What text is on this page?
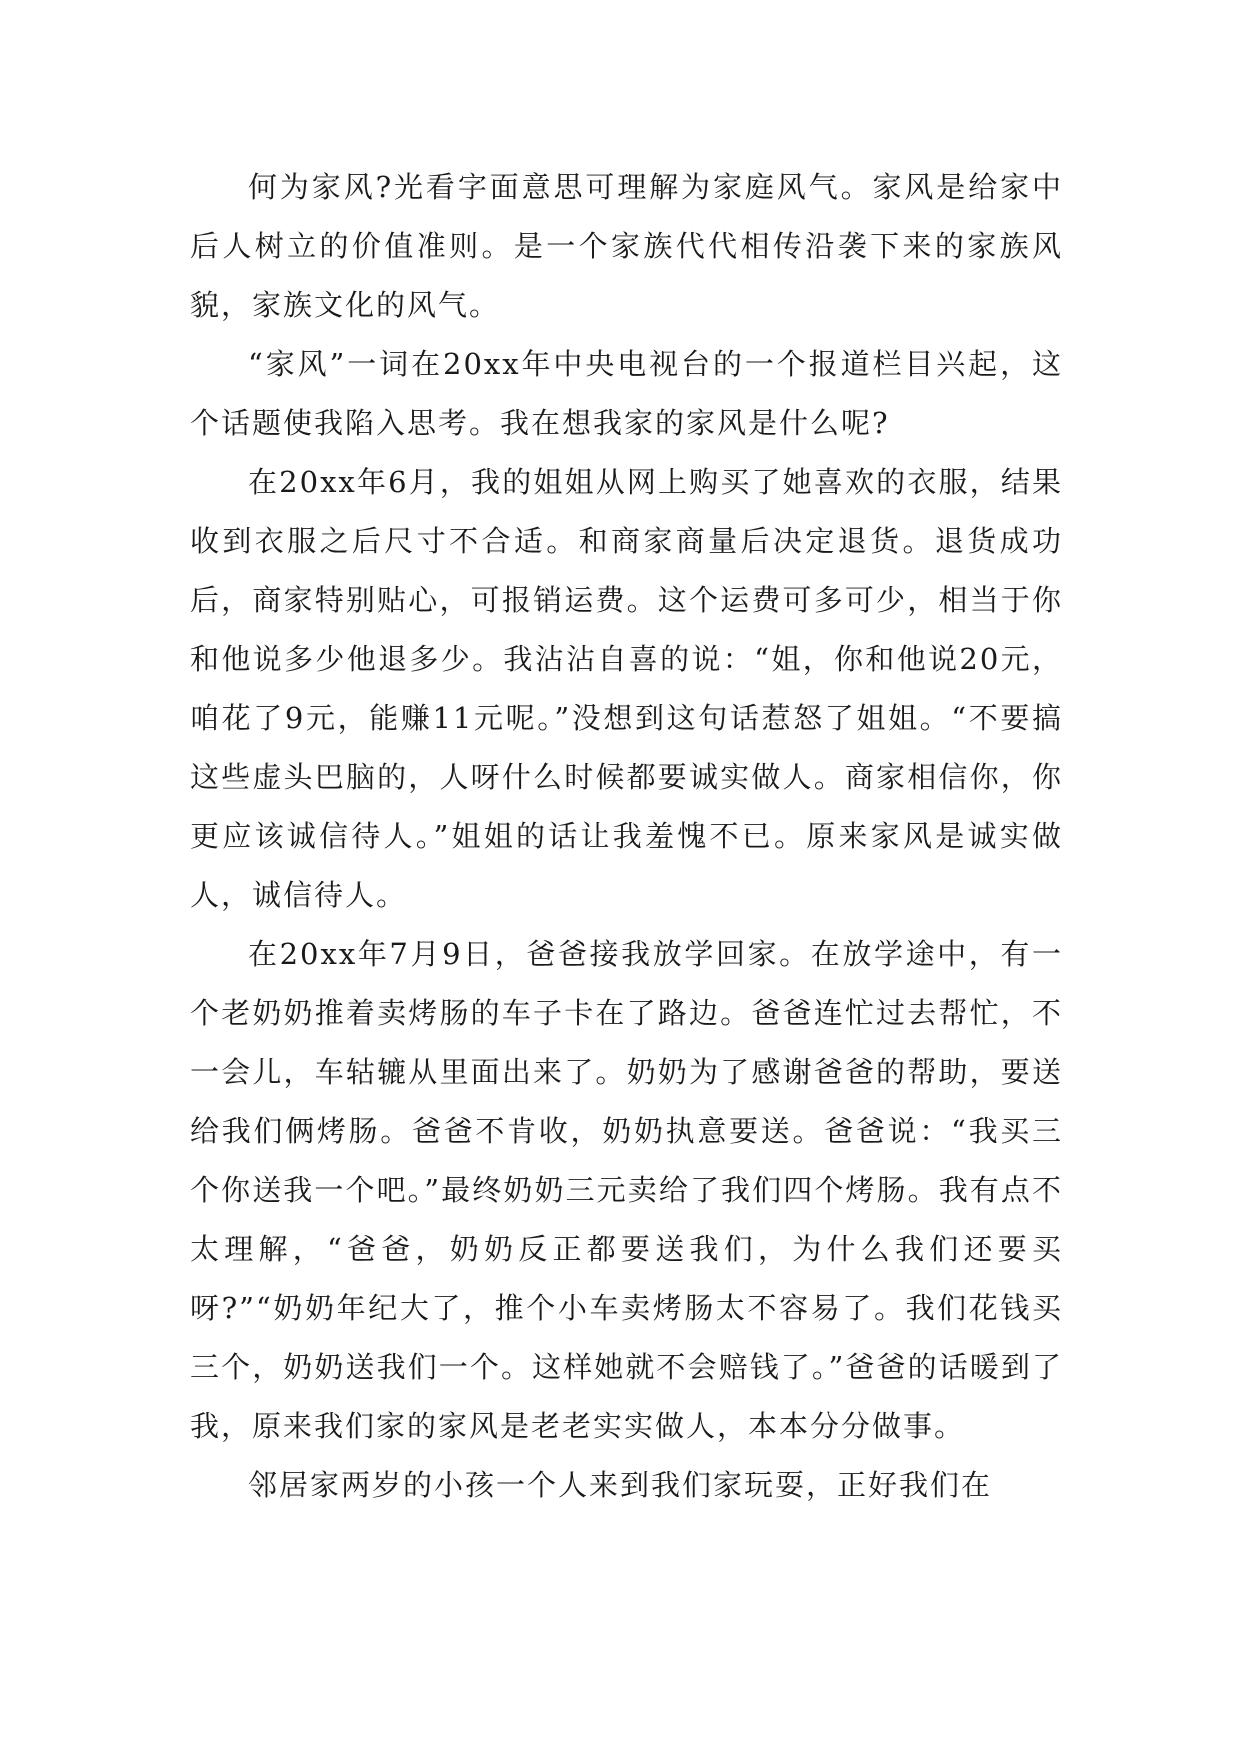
何为家风?光看字面意思可理解为家庭风气。家风是给家中后人树立的价值准则。是一个家族代代相传沿袭下来的家族风貌，家族文化的风气。

“家风”一词在20xx年中央电视台的一个报道栏目兴起，这个话题使我陷入思考。我在想我家的家风是什么呢?

在20xx年6月，我的姐姐从网上购买了她喜欢的衣服，结果收到衣服之后尺寸不合适。和商家商量后决定退货。退货成功后，商家特别贴心，可报销运费。这个运费可多可少，相当于你和他说多少他退多少。我沾沾自喜的说：“姐，你和他说20元，咱花了9元，能赚11元呢。”没想到这句话惹怒了姐姐。“不要搞这些虚头巴脑的，人呀什么时候都要诚实做人。商家相信你，你更应该诚信待人。”姐姐的话让我羞愧不已。原来家风是诚实做人，诚信待人。

在20xx年7月9日，爸爸接我放学回家。在放学途中，有一个老奶奶推着卖烤肠的车子卡在了路边。爸爸连忙过去帮忙，不一会儿，车轱辘从里面出来了。奶奶为了感谢爸爸的帮助，要送给我们俩烤肠。爸爸不肯收，奶奶执意要送。爸爸说：“我买三个你送我一个吧。”最终奶奶三元卖给了我们四个烤肠。我有点不太理解，“爸爸，奶奶反正都要送我们，为什么我们还要买呀?”“奶奶年纪大了，推个小车卖烤肠太不容易了。我们花钱买三个，奶奶送我们一个。这样她就不会赔钱了。”爸爸的话暖到了我，原来我们家的家风是老老实实做人，本本分分做事。

邻居家两岁的小孩一个人来到我们家玩耍，正好我们在
